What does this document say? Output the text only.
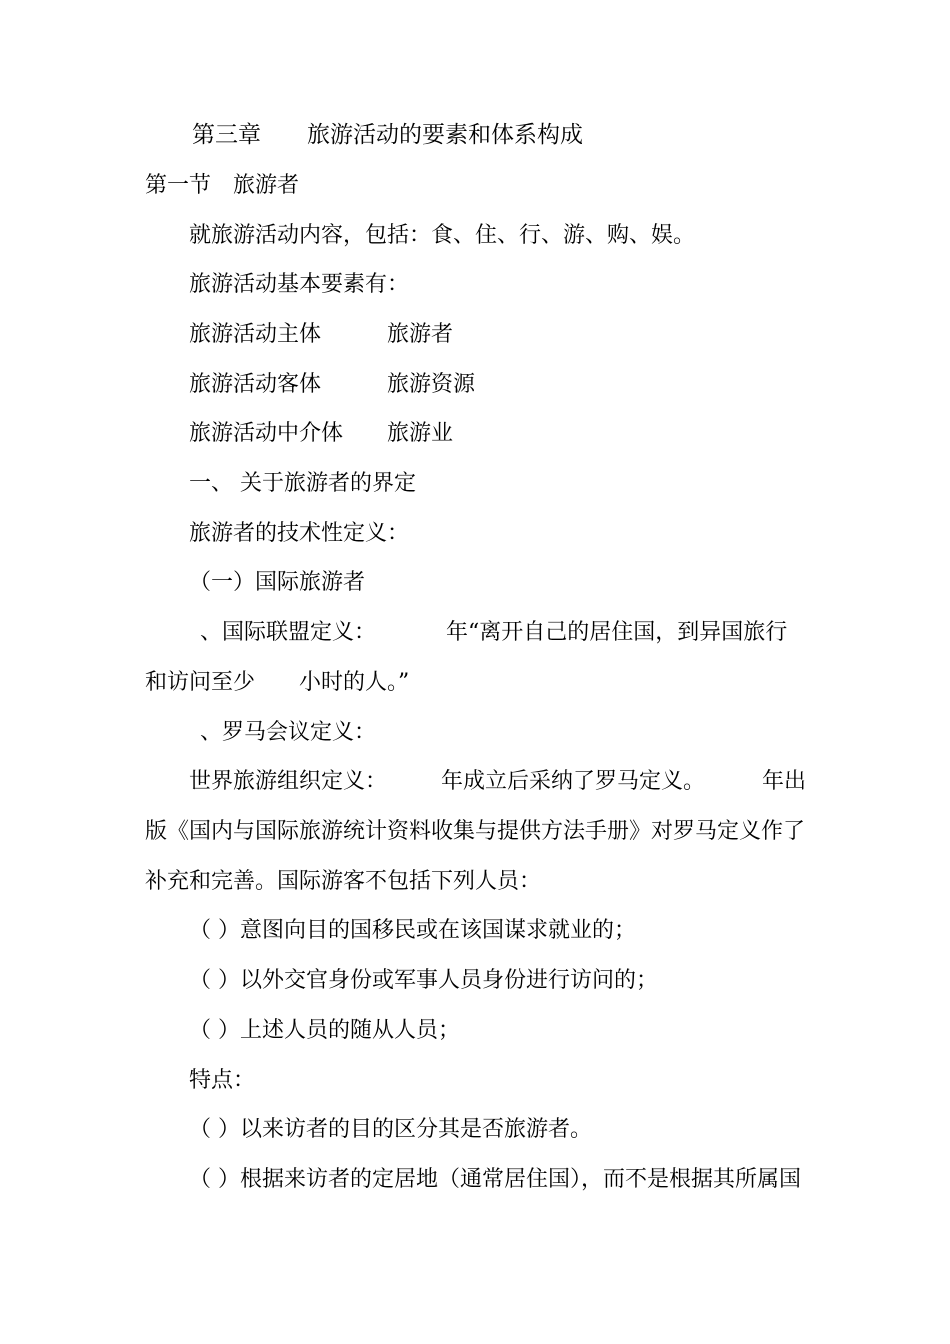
第三章　　旅游活动的要素和体系构成
第一节　旅游者
就旅游活动内容，包括：食、住、行、游、购、娱。
旅游活动基本要素有：
旅游活动主体　　　旅游者
旅游活动客体　　　旅游资源
旅游活动中介体　　旅游业
一、 关于旅游者的界定
旅游者的技术性定义：
（一）国际旅游者
、国际联盟定义：	年“离开自己的居住国，到异国旅行
和访问至少　　小时的人。”
、罗马会议定义：
世界旅游组织定义： 年成立后采纳了罗马定义。	年出
版《国内与国际旅游统计资料收集与提供方法手册》对罗马定义作了
补充和完善。国际游客不包括下列人员：
（ ）意图向目的国移民或在该国谋求就业的；
（ ）以外交官身份或军事人员身份进行访问的；
（ ）上述人员的随从人员；
特点：
（ ）以来访者的目的区分其是否旅游者。
（ ）根据来访者的定居地（通常居住国），而不是根据其所属国
